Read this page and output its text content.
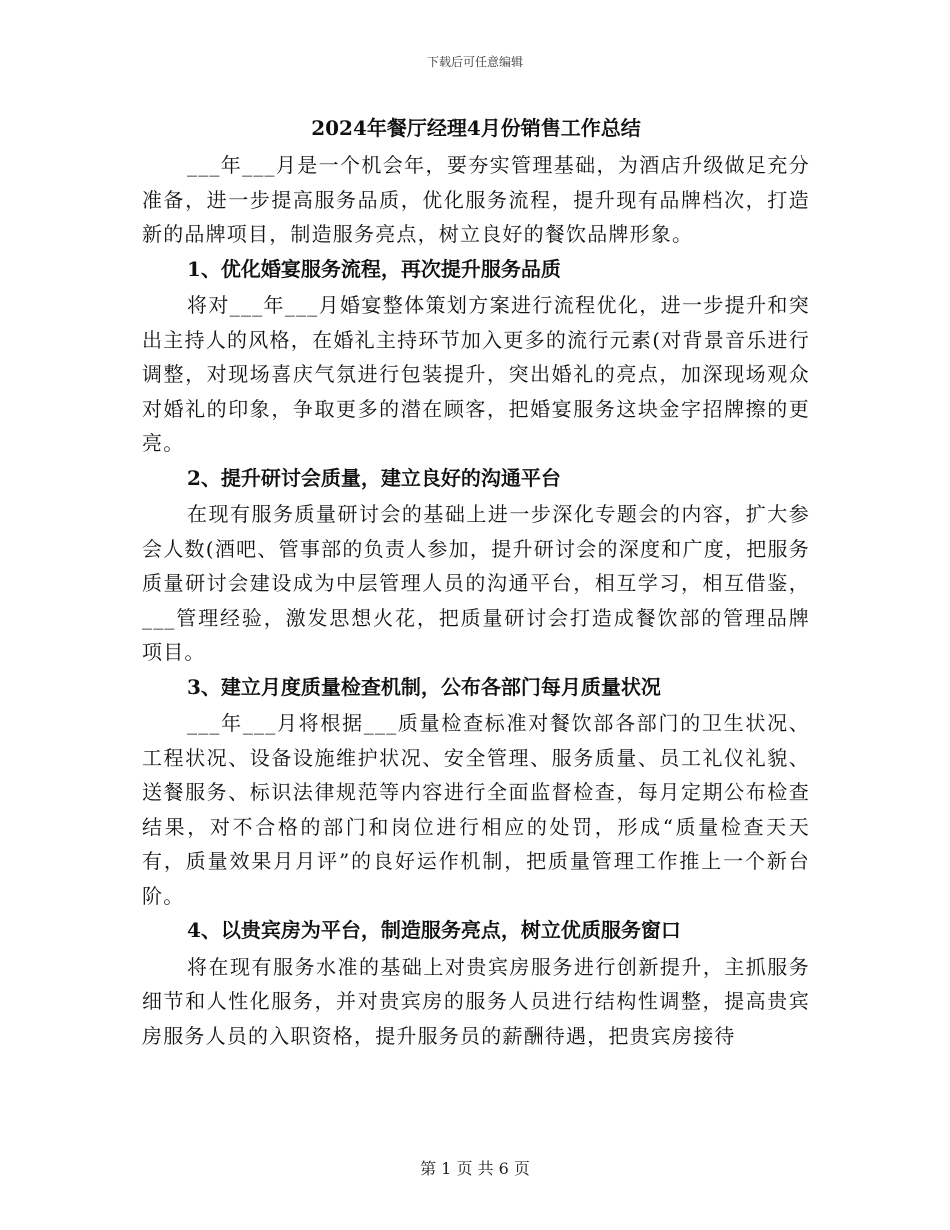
下载后可任意编辑
2024年餐厅经理4月份销售工作总结

___年___月是一个机会年，要夯实管理基础，为酒店升级做足充分准备，进一步提高服务品质，优化服务流程，提升现有品牌档次，打造新的品牌项目，制造服务亮点，树立良好的餐饮品牌形象。

1、优化婚宴服务流程，再次提升服务品质

将对___年___月婚宴整体策划方案进行流程优化，进一步提升和突出主持人的风格，在婚礼主持环节加入更多的流行元素(对背景音乐进行调整，对现场喜庆气氛进行包装提升，突出婚礼的亮点，加深现场观众对婚礼的印象，争取更多的潜在顾客，把婚宴服务这块金字招牌擦的更亮。

2、提升研讨会质量，建立良好的沟通平台

在现有服务质量研讨会的基础上进一步深化专题会的内容，扩大参会人数(酒吧、管事部的负责人参加，提升研讨会的深度和广度，把服务质量研讨会建设成为中层管理人员的沟通平台，相互学习，相互借鉴，___管理经验，激发思想火花，把质量研讨会打造成餐饮部的管理品牌项目。

3、建立月度质量检查机制，公布各部门每月质量状况

___年___月将根据___质量检查标准对餐饮部各部门的卫生状况、工程状况、设备设施维护状况、安全管理、服务质量、员工礼仪礼貌、送餐服务、标识法律规范等内容进行全面监督检查，每月定期公布检查结果，对不合格的部门和岗位进行相应的处罚，形成“质量检查天天有，质量效果月月评”的良好运作机制，把质量管理工作推上一个新台阶。

4、以贵宾房为平台，制造服务亮点，树立优质服务窗口

将在现有服务水准的基础上对贵宾房服务进行创新提升，主抓服务细节和人性化服务，并对贵宾房的服务人员进行结构性调整，提高贵宾房服务人员的入职资格，提升服务员的薪酬待遇，把贵宾房接待

第 1 页 共 6 页
